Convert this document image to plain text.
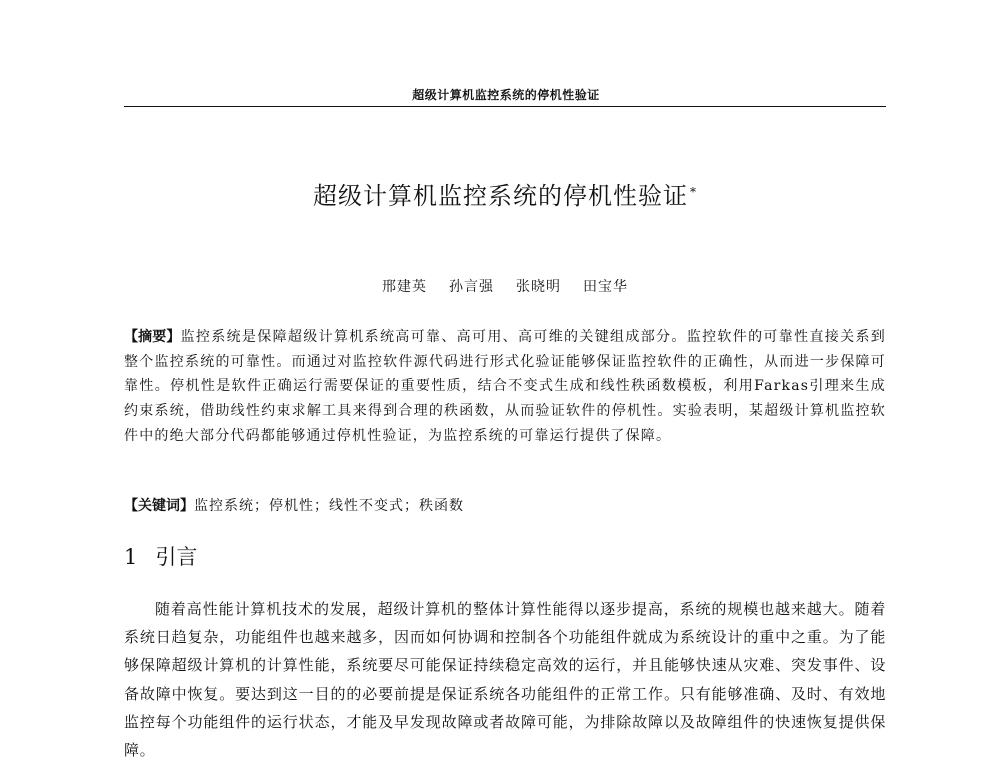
超级计算机监控系统的停机性验证
超级计算机监控系统的停机性验证 *
邢建英 孙言强 张晓明 田宝华

【摘要】监控系统是保障超级计算机系统高可靠、高可用、高可维的关键组成部分。监控软件的可靠性直接关系到整个监控系统的可靠性。而通过对监控软件源代码进行形式化验证能够保证监控软件的正确性，从而进一步保障可靠性。停机性是软件正确运行需要保证的重要性质，结合不变式生成和线性秩函数模板，利用Farkas引理来生成约束系统，借助线性约束求解工具来得到合理的秩函数，从而验证软件的停机性。实验表明，某超级计算机监控软件中的绝大部分代码都能够通过停机性验证，为监控系统的可靠运行提供了保障。

【关键词】监控系统；停机性；线性不变式；秩函数
1 引言

随着高性能计算机技术的发展，超级计算机的整体计算性能得以逐步提高，系统的规模也越来越大。随着系统日趋复杂，功能组件也越来越多，因而如何协调和控制各个功能组件就成为系统设计的重中之重。为了能够保障超级计算机的计算性能，系统要尽可能保证持续稳定高效的运行，并且能够快速从灾难、突发事件、设备故障中恢复。要达到这一目的的必要前提是保证系统各功能组件的正常工作。只有能够准确、及时、有效地监控每个功能组件的运行状态，才能及早发现故障或者故障可能，为排除故障以及故障组件的快速恢复提供保障。
